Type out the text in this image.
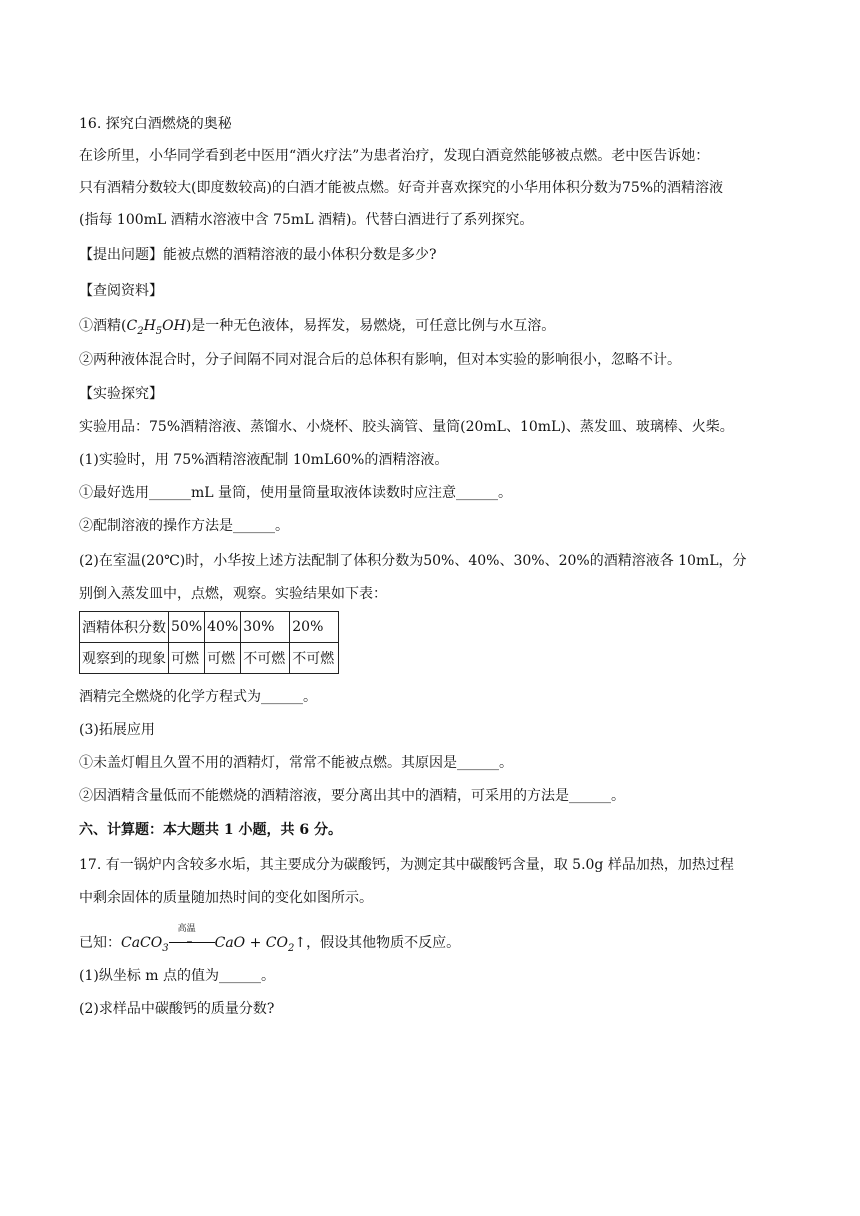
16. 探究白酒燃烧的奥秘
在诊所里，小华同学看到老中医用“酒火疗法”为患者治疗，发现白酒竟然能够被点燃。老中医告诉她：
只有酒精分数较大(即度数较高)的白酒才能被点燃。好奇并喜欢探究的小华用体积分数为75%的酒精溶液
(指每 100mL 酒精水溶液中含 75mL 酒精)。代替白酒进行了系列探究。
【提出问题】能被点燃的酒精溶液的最小体积分数是多少?
【查阅资料】
①酒精$(C_2H_5OH)$是一种无色液体，易挥发，易燃烧，可任意比例与水互溶。
②两种液体混合时，分子间隔不同对混合后的总体积有影响，但对本实验的影响很小，忽略不计。
【实验探究】
实验用品：75%酒精溶液、蒸馏水、小烧杯、胶头滴管、量筒(20mL、10mL)、蒸发皿、玻璃棒、火柴。
(1)实验时，用 75%酒精溶液配制 10mL60%的酒精溶液。
①最好选用______mL 量筒，使用量筒量取液体读数时应注意______。
②配制溶液的操作方法是______。
(2)在室温(20℃)时，小华按上述方法配制了体积分数为50%、40%、30%、20%的酒精溶液各 10mL，分
别倒入蒸发皿中，点燃，观察。实验结果如下表：
酒精体积分数	50%	40%	30%	20%
观察到的现象	可燃	可燃	不可燃	不可燃
酒精完全燃烧的化学方程式为______。
(3)拓展应用
①未盖灯帽且久置不用的酒精灯，常常不能被点燃。其原因是______。
②因酒精含量低而不能燃烧的酒精溶液，要分离出其中的酒精，可采用的方法是______。
六、计算题：本大题共 1 小题，共 6 分。
17. 有一锅炉内含较多水垢，其主要成分为碳酸钙，为测定其中碳酸钙含量，取 5.0g 样品加热，加热过程
中剩余固体的质量随加热时间的变化如图所示。
已知：CaCO$_3$
高温
‒ CaO + $CO_2↑$，假设其他物质不反应。
(1)纵坐标 m 点的值为______。
(2)求样品中碳酸钙的质量分数?
